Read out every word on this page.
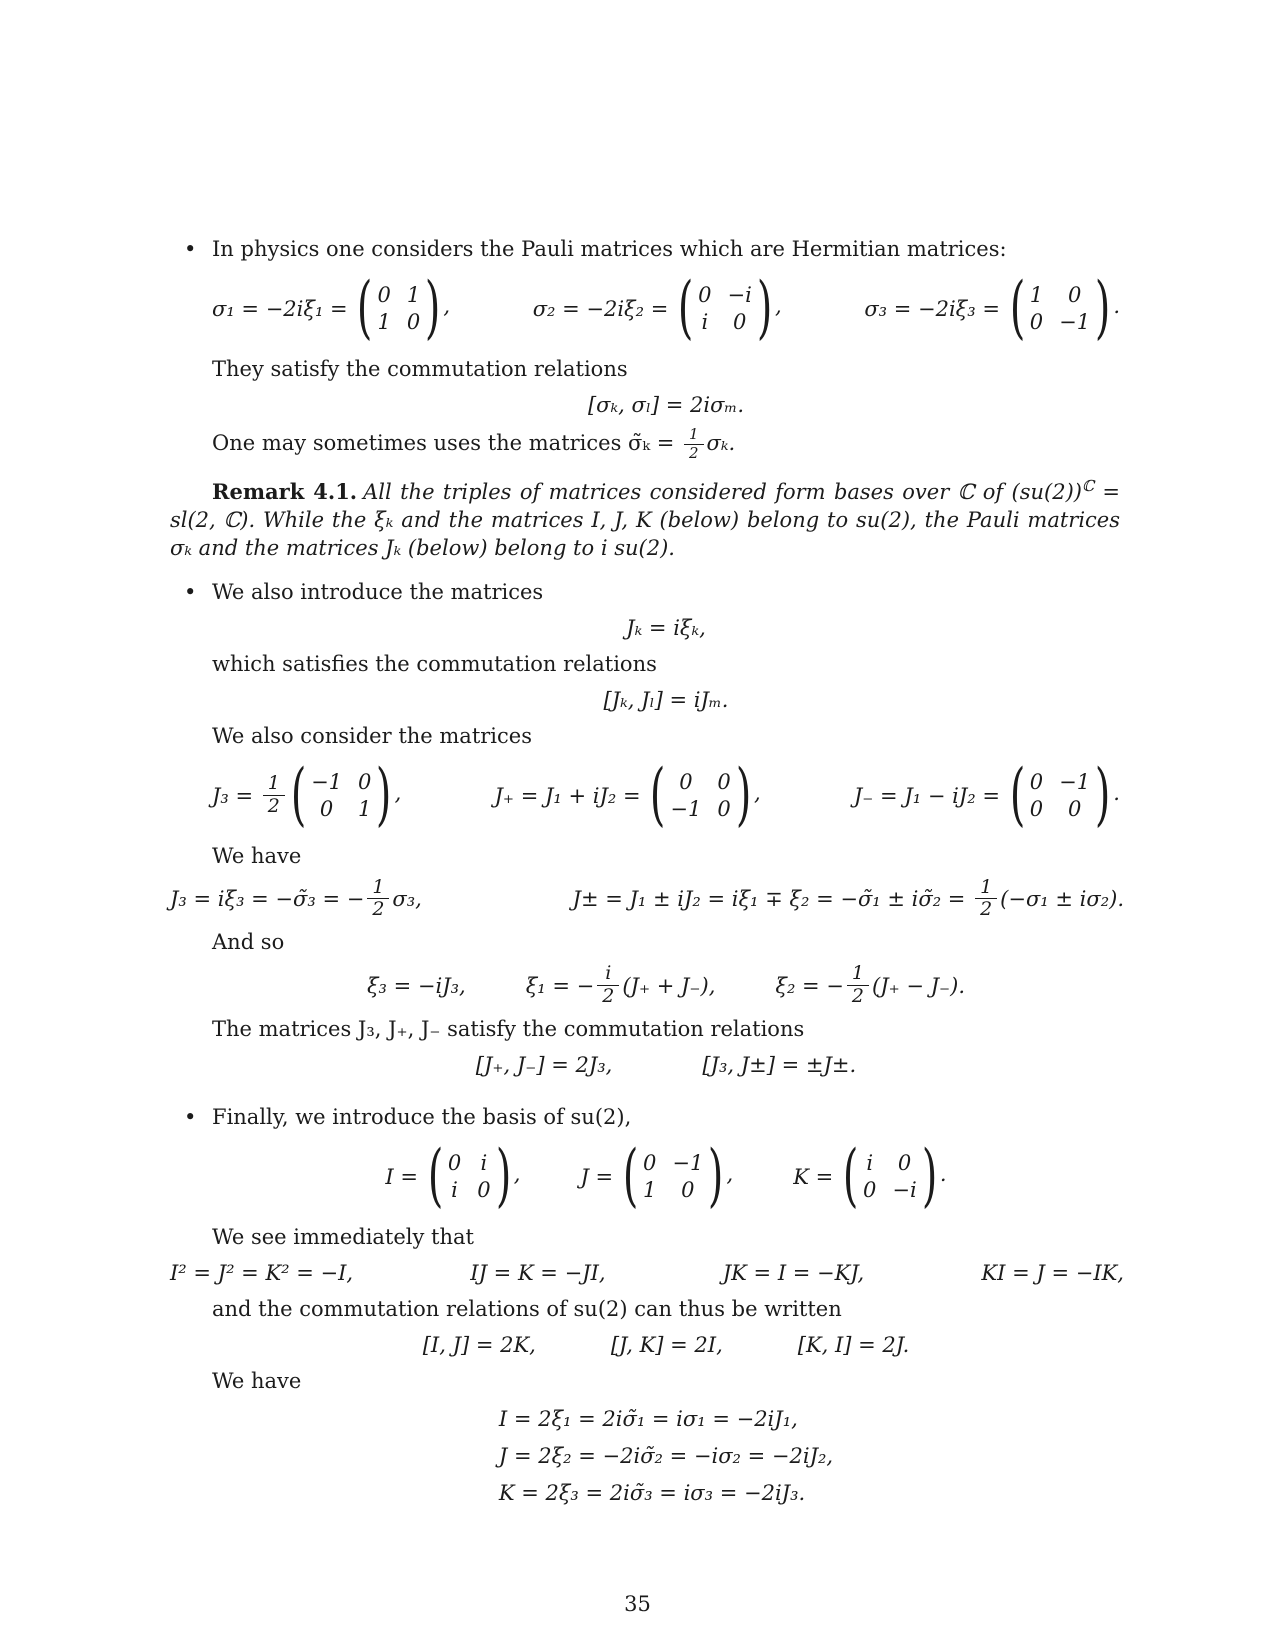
• In physics one considers the Pauli matrices which are Hermitian matrices:

σ₁ = −2iξ₁ = ( 0 1
1 0 ) ,	σ₂ = −2iξ₂ = ( 0 −i
i 0 ) ,	σ₃ = −2iξ₃ = ( 1 0
0 −1 ) .

They satisfy the commutation relations

[σₖ, σₗ] = 2iσₘ.

One may sometimes uses the matrices σ̃ₖ = $\frac{1}{2} \sigma_k$.

Remark 4.1. All the triples of matrices considered form bases over ℂ of $(su(2))^ℂ = sl(2$, ℂ). While the ξₖ and the matrices I, J, K (below) belong to su(2), the Pauli matrices σₖ and the matrices Jₖ (below) belong to i su(2).

• We also introduce the matrices

Jₖ = iξₖ,

which satisfies the commutation relations

[Jₖ, Jₗ] = iJₘ.

We also consider the matrices

$J_3 = \frac{1}{2}$ ( −1 0
0 1 ) ,	J₊ = J₁ + iJ₂ = ( 0 0
−1 0 ) ,	J₋ = J₁ − iJ₂ = ( 0 −1
0 0 ) .

We have

J₃ = iξ₃ = −σ̃₃ = − $\frac{1}{2} \sigma_3$,	J± = J₁ ± iJ₂ = iξ₁ ∓ ξ₂ = −σ̃₁ ± iσ̃₂ = $\frac{1}{2} (-\sigma_1 \pm i\sigma_2)$.

And so

ξ₃ = −iJ₃,	ξ₁ = − $\frac{i}{2} (J_+ + J_-)$,	ξ₂ = − $\frac{1}{2} (J_+ - J_-)$.

The matrices J₃, J₊, J₋ satisfy the commutation relations

[J₊, J₋] = 2J₃,	[J₃, J±] = ±J±.
• Finally, we introduce the basis of su(2),

I = ( 0 i
i 0 ) ,	J = ( 0 −1
1 0 ) ,	K = ( i 0
0 −i ) .

We see immediately that

I² = J² = K² = −I,	IJ = K = −JI,	JK = I = −KJ,	KI = J = −IK,

and the commutation relations of su(2) can thus be written

[I, J] = 2K,	[J, K] = 2I,	[K, I] = 2J.

We have

I = 2ξ₁ = 2iσ̃₁ = iσ₁ = −2iJ₁,
J = 2ξ₂ = −2iσ̃₂ = −iσ₂ = −2iJ₂,
K = 2ξ₃ = 2iσ̃₃ = iσ₃ = −2iJ₃.
35
